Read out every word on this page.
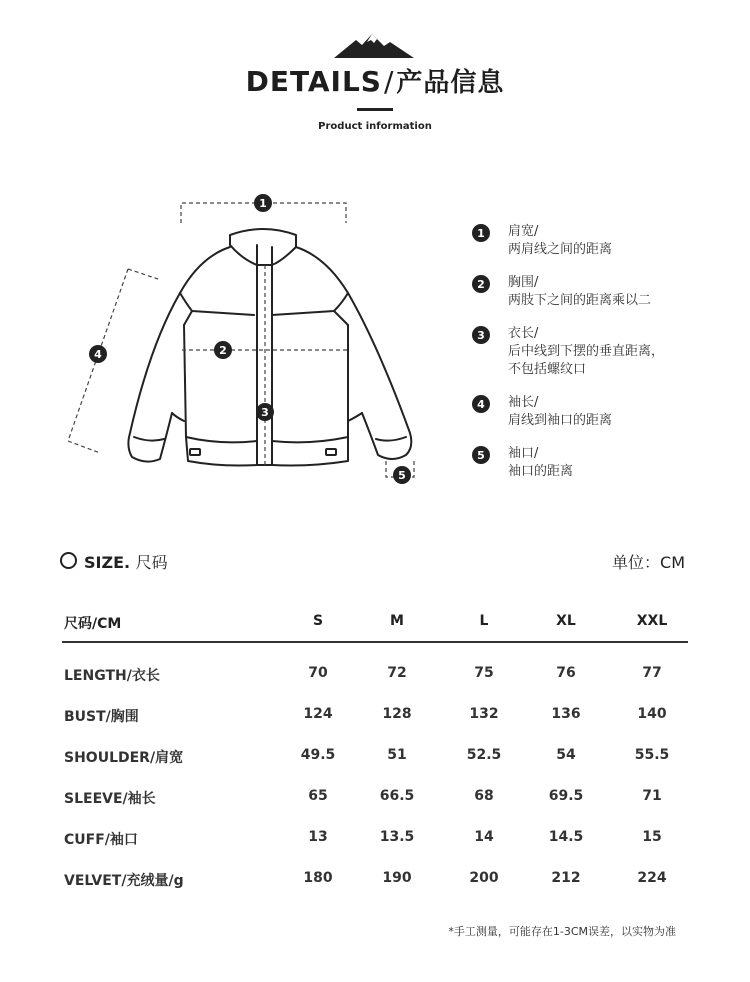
DETAILS/产品信息
Product information
1
2
3
4
5
1	肩宽/
两肩线之间的距离
2	胸围/
两肢下之间的距离乘以二
3	衣长/
后中线到下摆的垂直距离，
不包括螺纹口
4	袖长/
肩线到袖口的距离
5	袖口/
袖口的距离
SIZE. 尺码	单位：CM
尺码/CM	S	M	L	XL	XXL
LENGTH/衣长	70	72	75	76	77
BUST/胸围	124	128	132	136	140
SHOULDER/肩宽	49.5	51	52.5	54	55.5
SLEEVE/袖长	65	66.5	68	69.5	71
CUFF/袖口	13	13.5	14	14.5	15
VELVET/充绒量/g	180	190	200	212	224
*手工测量，可能存在1-3CM误差，以实物为准
